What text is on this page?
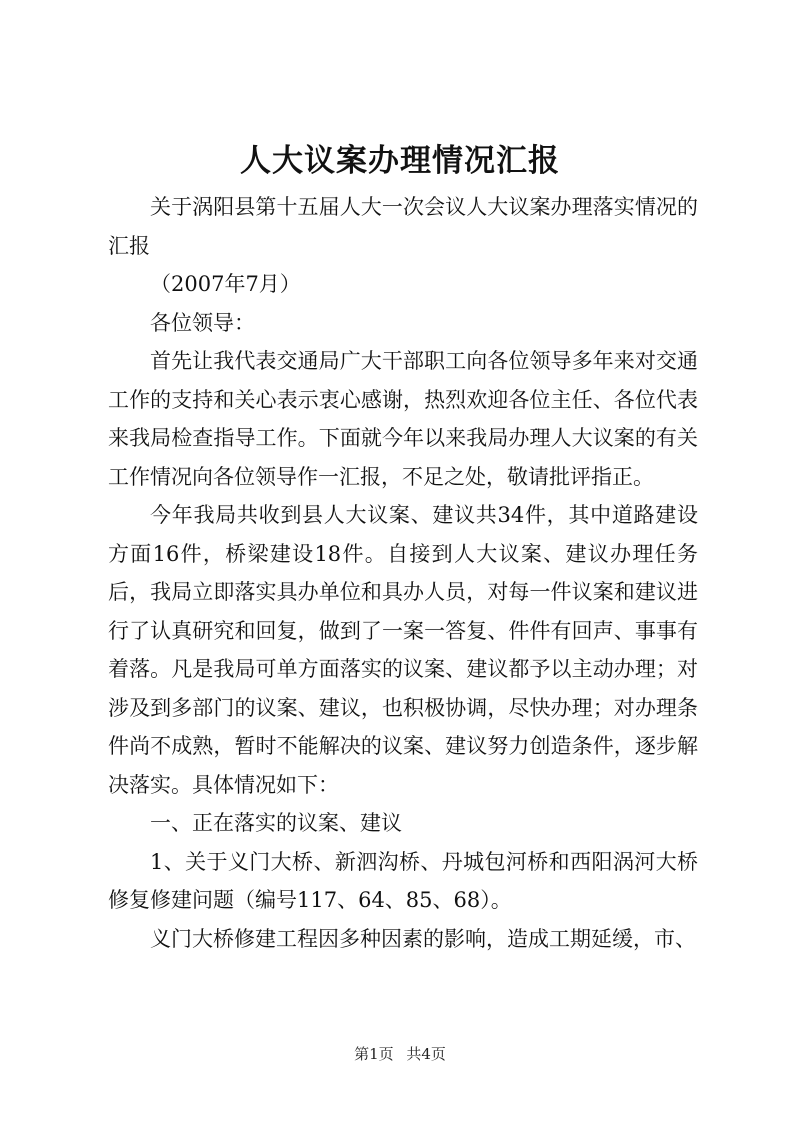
人大议案办理情况汇报

关于涡阳县第十五届人大一次会议人大议案办理落实情况的汇报

（2007年7月）

各位领导：

首先让我代表交通局广大干部职工向各位领导多年来对交通工作的支持和关心表示衷心感谢，热烈欢迎各位主任、各位代表来我局检查指导工作。下面就今年以来我局办理人大议案的有关工作情况向各位领导作一汇报，不足之处，敬请批评指正。

今年我局共收到县人大议案、建议共34件，其中道路建设方面16件，桥梁建设18件。自接到人大议案、建议办理任务后，我局立即落实具办单位和具办人员，对每一件议案和建议进行了认真研究和回复，做到了一案一答复、件件有回声、事事有着落。凡是我局可单方面落实的议案、建议都予以主动办理；对涉及到多部门的议案、建议，也积极协调，尽快办理；对办理条件尚不成熟，暂时不能解决的议案、建议努力创造条件，逐步解决落实。具体情况如下：

一、正在落实的议案、建议

1、关于义门大桥、新泗沟桥、丹城包河桥和西阳涡河大桥修复修建问题（编号117、64、85、68）。

义门大桥修建工程因多种因素的影响，造成工期延缓，市、

第1页 共4页
